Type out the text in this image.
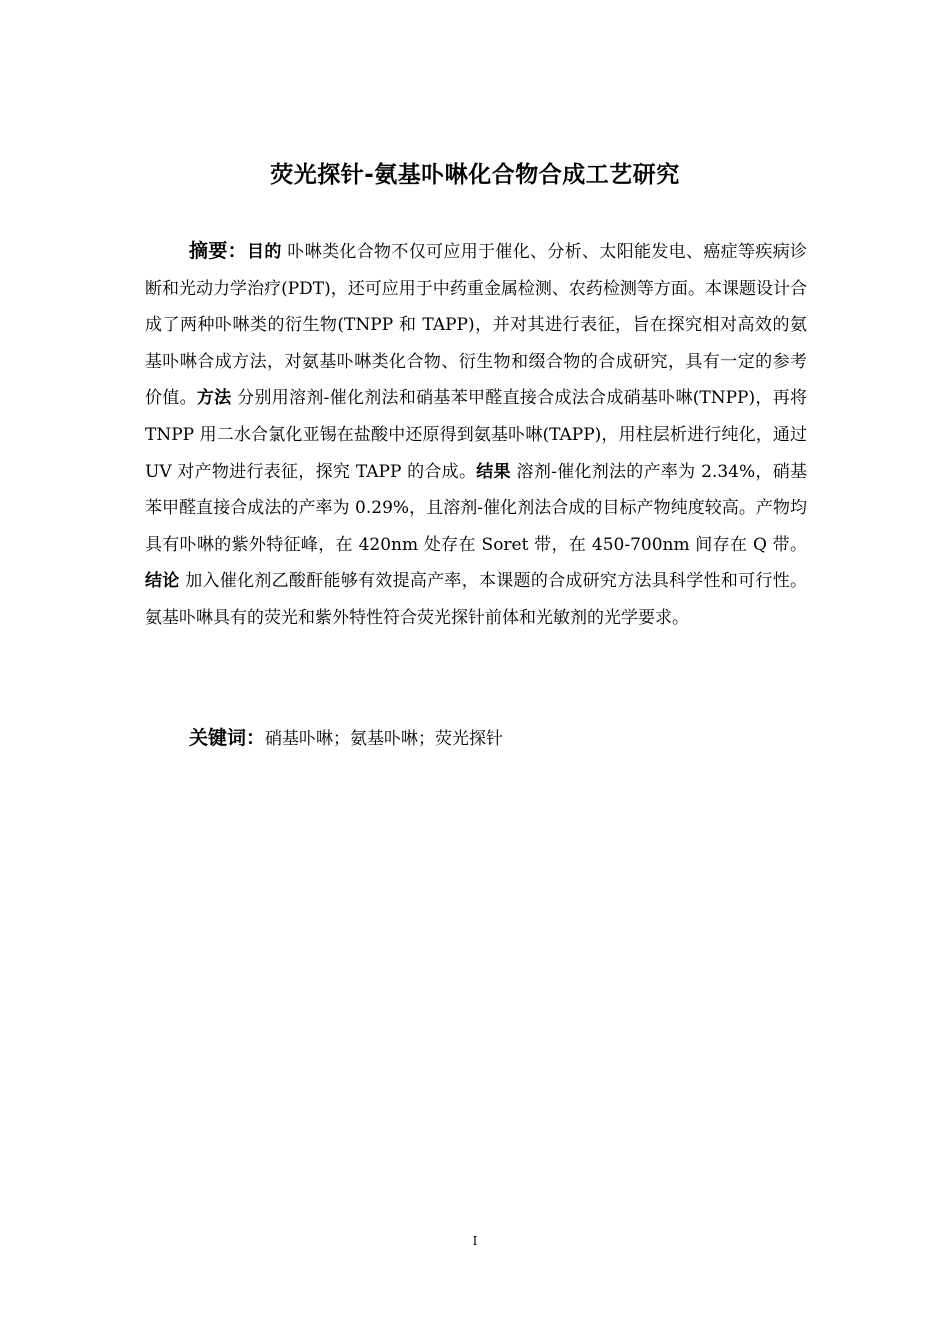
荧光探针-氨基卟啉化合物合成工艺研究
摘要：目的 卟啉类化合物不仅可应用于催化、分析、太阳能发电、癌症等疾病诊断和光动力学治疗(PDT)，还可应用于中药重金属检测、农药检测等方面。本课题设计合成了两种卟啉类的衍生物(TNPP 和 TAPP)，并对其进行表征，旨在探究相对高效的氨基卟啉合成方法，对氨基卟啉类化合物、衍生物和缀合物的合成研究，具有一定的参考价值。方法 分别用溶剂-催化剂法和硝基苯甲醛直接合成法合成硝基卟啉(TNPP)，再将 TNPP 用二水合氯化亚锡在盐酸中还原得到氨基卟啉(TAPP)，用柱层析进行纯化，通过 UV 对产物进行表征，探究 TAPP 的合成。结果 溶剂-催化剂法的产率为 2.34%，硝基苯甲醛直接合成法的产率为 0.29%，且溶剂-催化剂法合成的目标产物纯度较高。产物均具有卟啉的紫外特征峰，在 420nm 处存在 Soret 带，在 450-700nm 间存在 Q 带。结论 加入催化剂乙酸酐能够有效提高产率，本课题的合成研究方法具科学性和可行性。氨基卟啉具有的荧光和紫外特性符合荧光探针前体和光敏剂的光学要求。
关键词：硝基卟啉；氨基卟啉；荧光探针
I
